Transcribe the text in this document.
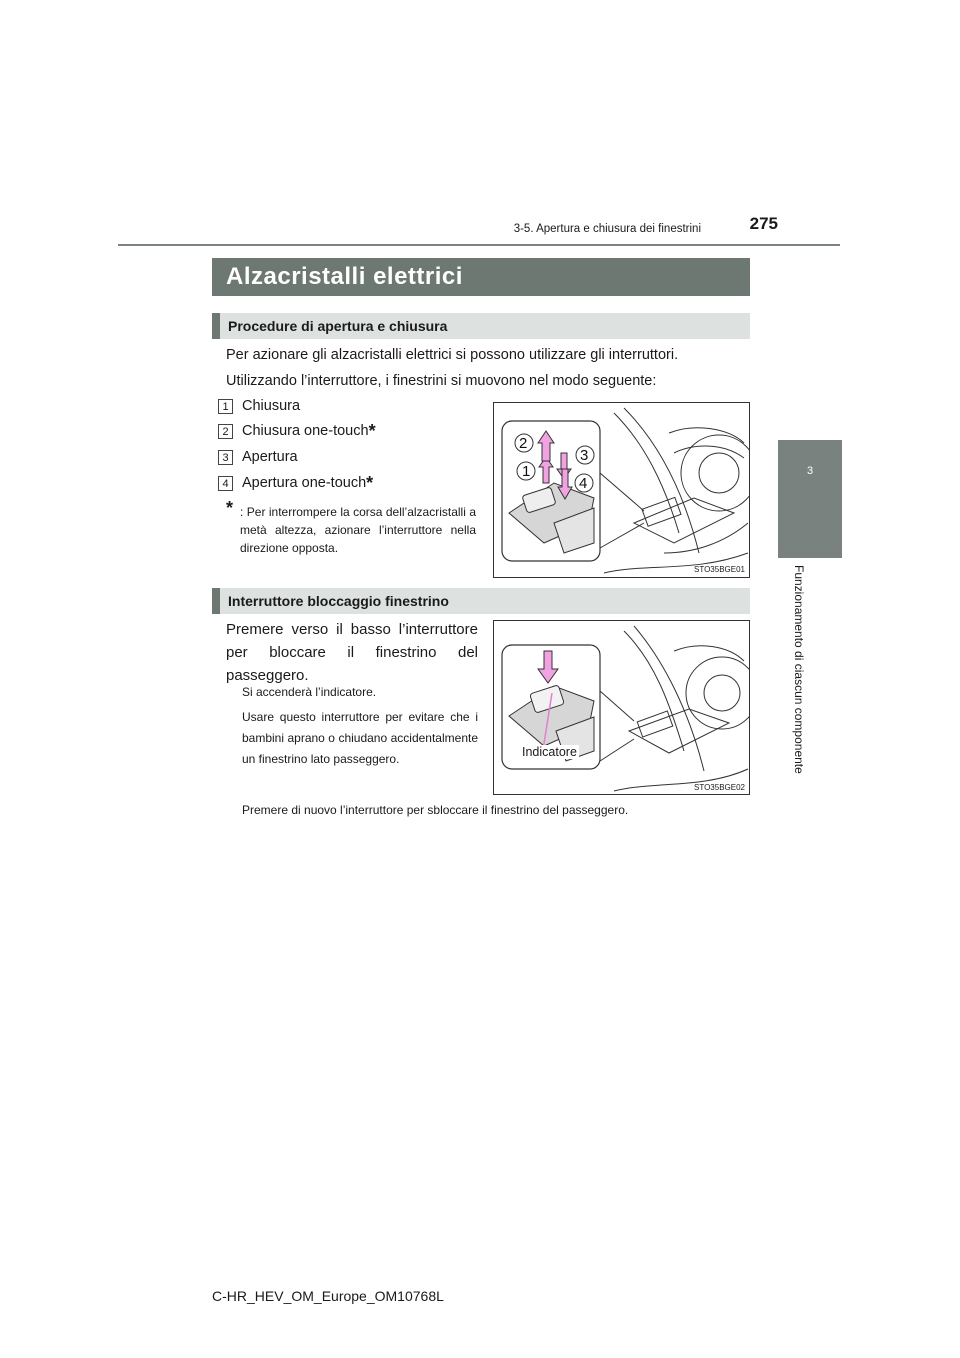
275
3-5. Apertura e chiusura dei finestrini
3
Funzionamento di ciascun componente
Alzacristalli elettrici
Procedure di apertura e chiusura
Per azionare gli alzacristalli elettrici si possono utilizzare gli interruttori.
Utilizzando l’interruttore, i finestrini si muovono nel modo seguente:
1 Chiusura
2 Chiusura one-touch *
3 Apertura
4 Apertura one-touch *
* : Per interrompere la corsa dell’alzacristalli a metà altezza, azionare l’interruttore nella direzione opposta.
2
3
1
4
STO35BGE01
Interruttore bloccaggio finestrino
Premere verso il basso l’interruttore per bloccare il finestrino del passeggero.
Si accenderà l’indicatore.
Usare questo interruttore per evitare che i bambini aprano o chiudano accidentalmente un finestrino lato passeggero.
Premere di nuovo l’interruttore per sbloccare il finestrino del passeggero.
Indicatore
STO35BGE02
C-HR_HEV_OM_Europe_OM10768L
